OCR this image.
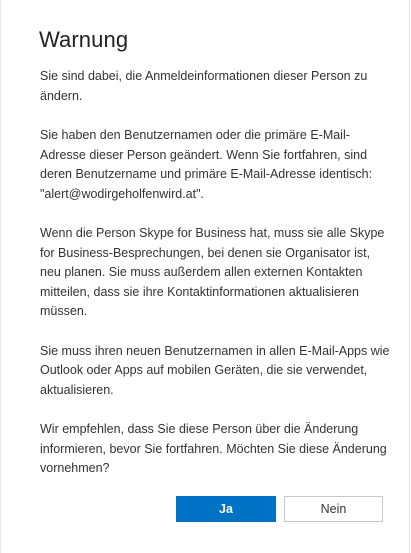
Warnung

Sie sind dabei, die Anmeldeinformationen dieser Person zu ändern.

Sie haben den Benutzernamen oder die primäre E-Mail-Adresse dieser Person geändert. Wenn Sie fortfahren, sind deren Benutzername und primäre E-Mail-Adresse identisch: "alert@wodirgeholfenwird.at".

Wenn die Person Skype for Business hat, muss sie alle Skype for Business-Besprechungen, bei denen sie Organisator ist, neu planen. Sie muss außerdem allen externen Kontakten mitteilen, dass sie ihre Kontaktinformationen aktualisieren müssen.

Sie muss ihren neuen Benutzernamen in allen E-Mail-Apps wie Outlook oder Apps auf mobilen Geräten, die sie verwendet, aktualisieren.

Wir empfehlen, dass Sie diese Person über die Änderung informieren, bevor Sie fortfahren. Möchten Sie diese Änderung vornehmen?

Ja	Nein
